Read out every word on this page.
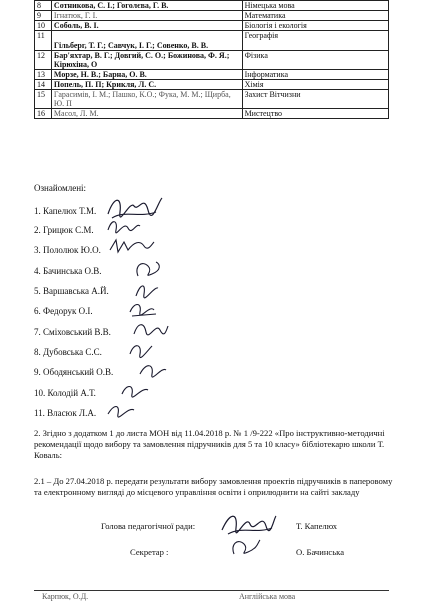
8	Сотникова, С. І.; Гоголєва, Г. В.	Німецька мова
9	Ігнатюк, Г. І.	Математика
10	Соболь, В. І.	Біологія і екологія
11	Гільберг, Т. Г.; Савчук, І. Г.; Совенко, В. В.	Географія
12	Бар'яхтар, В. Г.; Довгий, С. О.; Божинова, Ф. Я.; Кірюхіна, О	Фізика
13	Морзе, Н. В.; Барна, О. В.	Інформатика
14	Попель, П. П; Крикля, Л. С.	Хімія
15	Гарасимів, І. М.; Пашко, К.О.; Фука, М. М.; Щирба, Ю. П	Захист Вітчизни
16	Масол, Л. М.	Мистецтво
Ознайомлені:
1. Капелюх Т.М.
2. Грицюк С.М.
3. Пололюк Ю.О.
4. Бачинська О.В.
5. Варшавська А.Й.
6. Федорук О.І.
7. Сміховський В.В.
8. Дубовська С.С.
9. Ободянський О.В.
10. Колодій А.Т.
11. Власюк Л.А.
2. Згідно з додатком 1 до листа МОН від 11.04.2018 р. № 1 /9-222 «Про інструктивно-методичні рекомендації щодо вибору та замовлення підручників для 5 та 10 класу» бібліотекарю школи Т. Коваль:
2.1 – До 27.04.2018 р. передати результати вибору замовлення проектів підручників в паперовому та електронному вигляді до місцевого управління освіти і оприлюднити на сайті закладу
Голова педагогічної ради:	Т. Капелюх
Секретар :	О. Бачинська
Карпюк, О.Д.	Англійська мова
